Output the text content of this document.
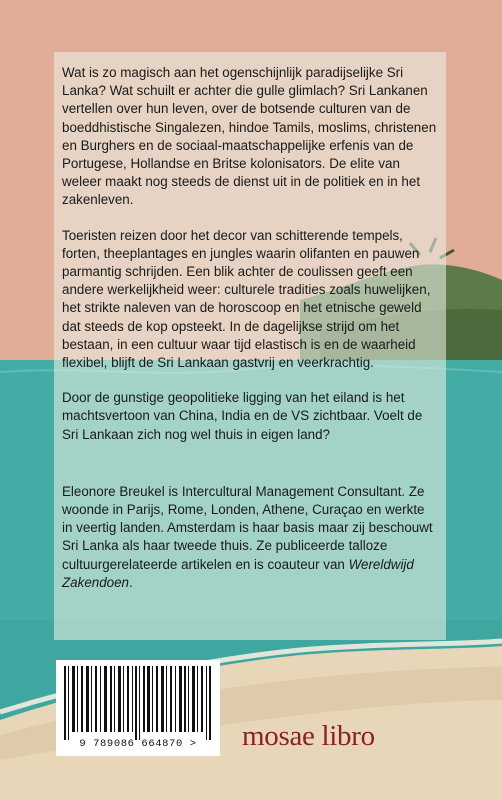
Wat is zo magisch aan het ogenschijnlijk paradijselijke Sri Lanka? Wat schuilt er achter die gulle glimlach? Sri Lankanen vertellen over hun leven, over de botsende culturen van de boeddhistische Singalezen, hindoe Tamils, moslims, christenen en Burghers en de sociaal-maatschappelijke erfenis van de Portugese, Hollandse en Britse kolonisators. De elite van weleer maakt nog steeds de dienst uit in de politiek en in het zakenleven.

Toeristen reizen door het decor van schitterende tempels, forten, theeplantages en jungles waarin olifanten en pauwen parmantig schrijden. Een blik achter de coulissen geeft een andere werkelijkheid weer: culturele tradities zoals huwelijken, het strikte naleven van de horoscoop en het etnische geweld dat steeds de kop opsteekt. In de dagelijkse strijd om het bestaan, in een cultuur waar tijd elastisch is en de waarheid flexibel, blijft de Sri Lankaan gastvrij en veerkrachtig.

Door de gunstige geopolitieke ligging van het eiland is het machtsvertoon van China, India en de VS zichtbaar. Voelt de Sri Lankaan zich nog wel thuis in eigen land?

Eleonore Breukel is Intercultural Management Consultant. Ze woonde in Parijs, Rome, Londen, Athene, Curaçao en werkte in veertig landen. Amsterdam is haar basis maar zij beschouwt Sri Lanka als haar tweede thuis. Ze publiceerde talloze cultuurgerelateerde artikelen en is coauteur van Wereldwijd Zakendoen.

9 789086 664870 >	mosae libro
